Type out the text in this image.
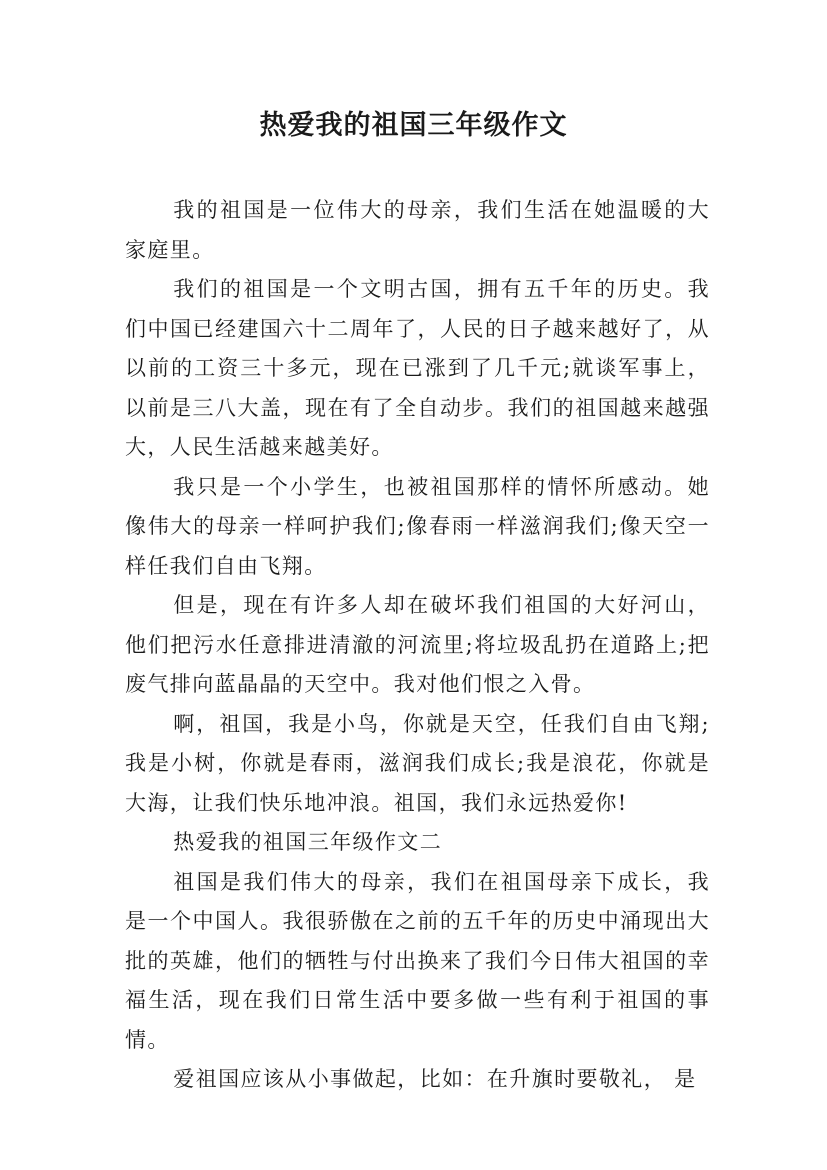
热爱我的祖国三年级作文

我的祖国是一位伟大的母亲，我们生活在她温暖的大家庭里。

我们的祖国是一个文明古国，拥有五千年的历史。我们中国已经建国六十二周年了，人民的日子越来越好了，从以前的工资三十多元，现在已涨到了几千元;就谈军事上，以前是三八大盖，现在有了全自动步。我们的祖国越来越强大，人民生活越来越美好。

我只是一个小学生，也被祖国那样的情怀所感动。她像伟大的母亲一样呵护我们;像春雨一样滋润我们;像天空一样任我们自由飞翔。

但是，现在有许多人却在破坏我们祖国的大好河山，他们把污水任意排进清澈的河流里;将垃圾乱扔在道路上;把废气排向蓝晶晶的天空中。我对他们恨之入骨。

啊，祖国，我是小鸟，你就是天空，任我们自由飞翔;我是小树，你就是春雨，滋润我们成长;我是浪花，你就是大海，让我们快乐地冲浪。祖国，我们永远热爱你!

热爱我的祖国三年级作文二

祖国是我们伟大的母亲，我们在祖国母亲下成长，我是一个中国人。我很骄傲在之前的五千年的历史中涌现出大批的英雄，他们的牺牲与付出换来了我们今日伟大祖国的幸福生活，现在我们日常生活中要多做一些有利于祖国的事情。

爱祖国应该从小事做起，比如：在升旗时要敬礼， 是
